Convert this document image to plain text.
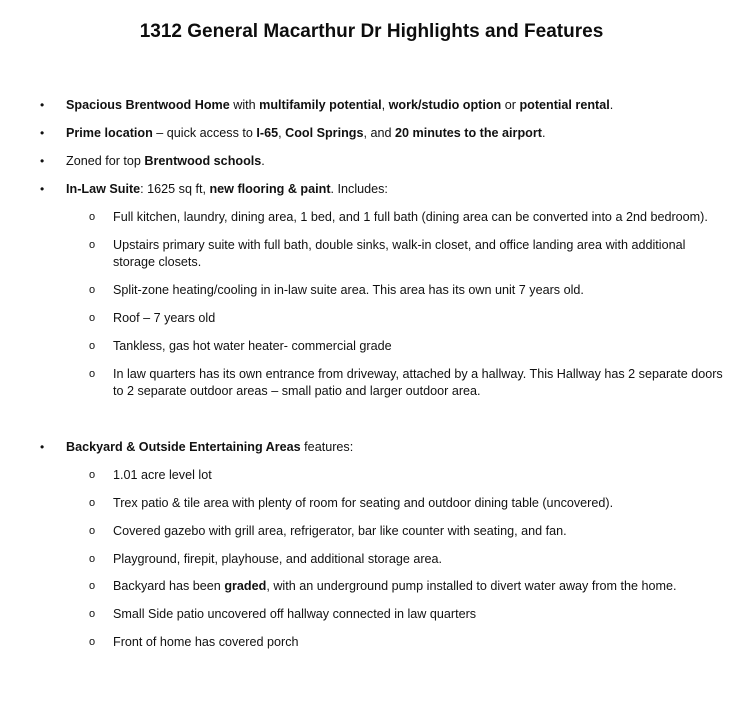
1312 General Macarthur Dr Highlights and Features
• Spacious Brentwood Home with multifamily potential, work/studio option or potential rental.
• Prime location – quick access to I-65, Cool Springs, and 20 minutes to the airport.
• Zoned for top Brentwood schools.
• In-Law Suite: 1625 sq ft, new flooring & paint. Includes:
o Full kitchen, laundry, dining area, 1 bed, and 1 full bath (dining area can be converted into a 2nd bedroom).
o Upstairs primary suite with full bath, double sinks, walk-in closet, and office landing area with additional storage closets.
o Split-zone heating/cooling in in-law suite area. This area has its own unit 7 years old.
o Roof – 7 years old
o Tankless, gas hot water heater- commercial grade
o In law quarters has its own entrance from driveway, attached by a hallway. This Hallway has 2 separate doors to 2 separate outdoor areas – small patio and larger outdoor area.
• Backyard & Outside Entertaining Areas features:
o 1.01 acre level lot
o Trex patio & tile area with plenty of room for seating and outdoor dining table (uncovered).
o Covered gazebo with grill area, refrigerator, bar like counter with seating, and fan.
o Playground, firepit, playhouse, and additional storage area.
o Backyard has been graded, with an underground pump installed to divert water away from the home.
o Small Side patio uncovered off hallway connected in law quarters
o Front of home has covered porch
